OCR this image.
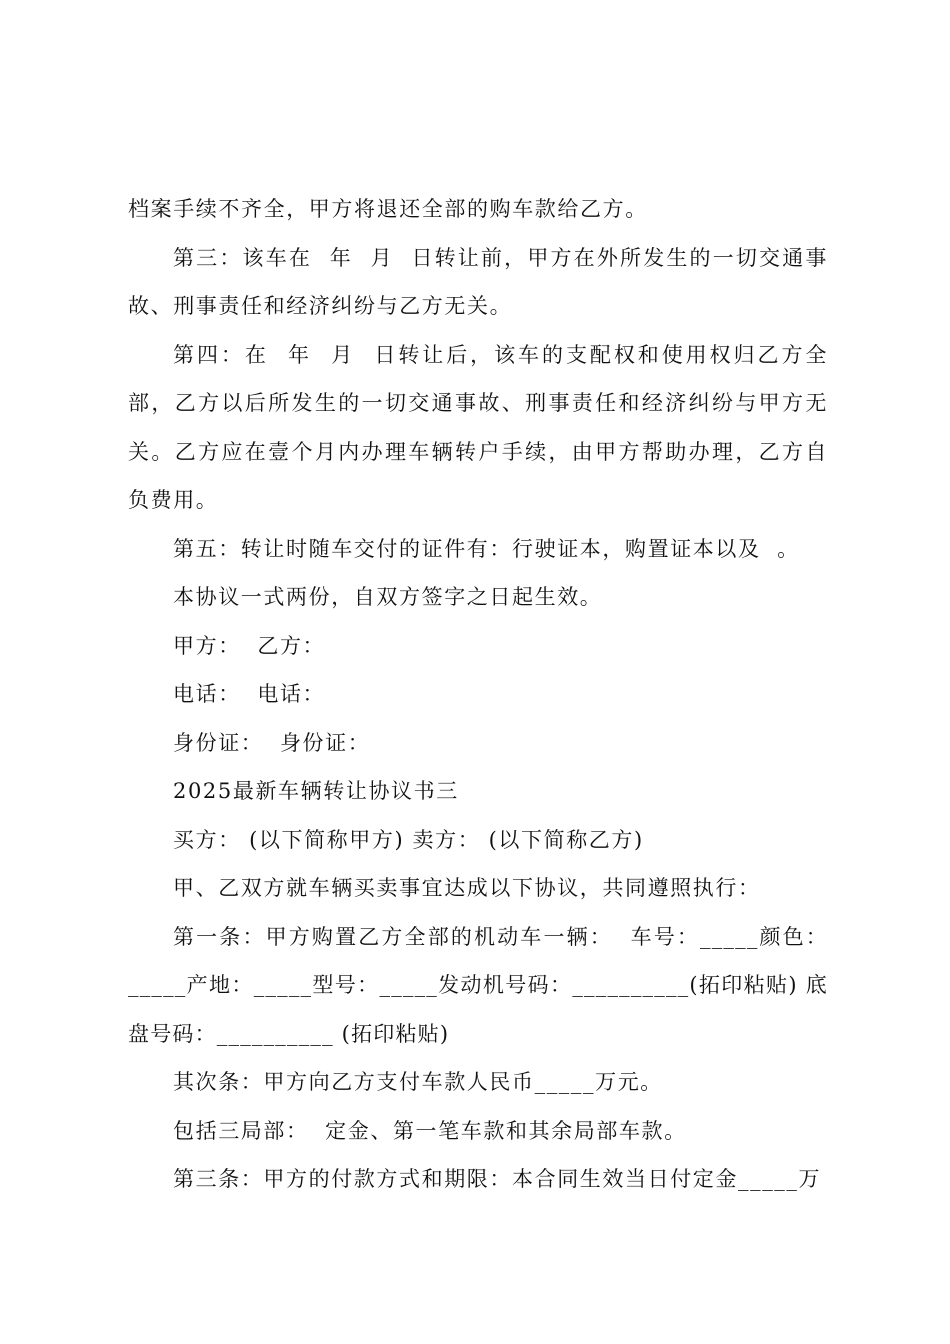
档案手续不齐全，甲方将退还全部的购车款给乙方。

第三：该车在  年  月  日转让前，甲方在外所发生的一切交通事故、刑事责任和经济纠纷与乙方无关。

第四：在  年  月  日转让后，该车的支配权和使用权归乙方全部，乙方以后所发生的一切交通事故、刑事责任和经济纠纷与甲方无关。乙方应在壹个月内办理车辆转户手续，由甲方帮助办理，乙方自负费用。

第五：转让时随车交付的证件有：行驶证本，购置证本以及  。

本协议一式两份，自双方签字之日起生效。

甲方：  乙方：

电话：  电话：

身份证：  身份证：

2025最新车辆转让协议书三

买方： (以下简称甲方) 卖方： (以下简称乙方)

甲、乙双方就车辆买卖事宜达成以下协议，共同遵照执行：

第一条：甲方购置乙方全部的机动车一辆：  车号：_____颜色：_____产地：_____型号：_____发动机号码：__________(拓印粘贴) 底盘号码：__________ (拓印粘贴)

其次条：甲方向乙方支付车款人民币_____万元。

包括三局部：  定金、第一笔车款和其余局部车款。

第三条：甲方的付款方式和期限：本合同生效当日付定金_____万
